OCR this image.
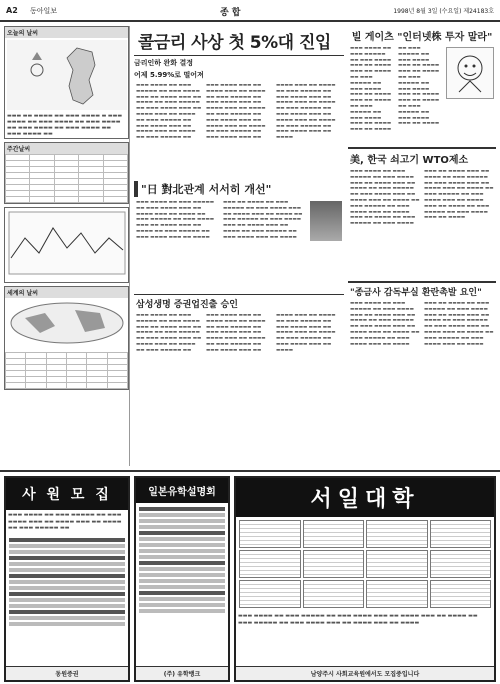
A2 동아일보	종합	1998년 8월 3일 (수요일) 제24183호
오늘의 날씨
▬▬▬ ▬▬ ▬▬▬▬ ▬▬ ▬▬▬ ▬▬▬▬ ▬ ▬▬▬ ▬▬▬▬ ▬▬ ▬▬▬ ▬▬▬▬ ▬▬ ▬▬▬ ▬▬▬▬ ▬▬ ▬▬▬ ▬▬▬▬ ▬▬ ▬▬▬ ▬▬▬▬ ▬▬ ▬▬▬ ▬▬▬▬ ▬▬
주간날씨

세계의 날씨

콜금리 사상 첫 5%대 진입
금리인하 완화 결정
어제 5.99%로 떨어져
▬▬▬ ▬▬▬▬ ▬▬ ▬▬▬ ▬▬▬▬▬ ▬▬ ▬▬▬ ▬▬▬▬ ▬▬▬ ▬▬ ▬▬▬▬ ▬▬▬ ▬▬ ▬▬▬▬ ▬▬ ▬▬▬ ▬▬▬▬▬ ▬▬ ▬▬▬ ▬▬▬▬ ▬▬▬ ▬▬ ▬▬▬▬ ▬▬▬ ▬▬ ▬▬▬▬ ▬▬ ▬▬▬ ▬▬▬▬▬ ▬▬ ▬▬▬ ▬▬▬▬ ▬▬▬ ▬▬ ▬▬▬▬ ▬▬▬ ▬▬ ▬▬▬▬ ▬▬ ▬▬▬ ▬▬▬▬▬ ▬▬ ▬▬▬ ▬▬▬▬ ▬▬▬ ▬▬ ▬▬▬▬ ▬▬▬ ▬▬ ▬▬▬▬ ▬▬ ▬▬▬ ▬▬▬▬▬ ▬▬ ▬▬▬ ▬▬▬▬ ▬▬▬ ▬▬ ▬▬▬▬ ▬▬▬ ▬▬ ▬▬▬▬ ▬▬ ▬▬▬ ▬▬▬▬▬ ▬▬ ▬▬▬ ▬▬▬▬ ▬▬▬ ▬▬ ▬▬▬▬ ▬▬▬ ▬▬ ▬▬▬▬ ▬▬ ▬▬▬ ▬▬▬▬▬ ▬▬ ▬▬▬ ▬▬▬▬ ▬▬▬ ▬▬ ▬▬▬▬ ▬▬▬ ▬▬ ▬▬▬▬ ▬▬ ▬▬▬ ▬▬▬▬▬ ▬▬ ▬▬▬ ▬▬▬▬ ▬▬▬ ▬▬ ▬▬▬▬ ▬▬▬ ▬▬ ▬▬▬▬ ▬▬ ▬▬▬ ▬▬▬▬▬ ▬▬ ▬▬▬ ▬▬▬▬ ▬▬▬ ▬▬ ▬▬▬▬ ▬▬▬ ▬▬ ▬▬▬▬ ▬▬ ▬▬▬ ▬▬▬▬▬ ▬▬ ▬▬▬ ▬▬▬▬ ▬▬▬ ▬▬ ▬▬▬▬
"日 對北관계 서서히 개선"
▬▬▬ ▬▬▬▬ ▬▬ ▬▬▬ ▬▬▬▬▬ ▬▬ ▬▬▬ ▬▬▬▬ ▬▬▬ ▬▬ ▬▬▬▬ ▬▬▬ ▬▬ ▬▬▬▬ ▬▬ ▬▬▬ ▬▬▬▬▬ ▬▬ ▬▬▬ ▬▬▬▬ ▬▬▬ ▬▬ ▬▬▬▬ ▬▬▬ ▬▬ ▬▬▬▬ ▬▬ ▬▬▬ ▬▬▬▬▬ ▬▬ ▬▬▬ ▬▬▬▬ ▬▬▬ ▬▬ ▬▬▬▬ ▬▬▬ ▬▬ ▬▬▬▬ ▬▬ ▬▬▬ ▬▬▬▬▬ ▬▬ ▬▬▬ ▬▬▬▬ ▬▬▬ ▬▬ ▬▬▬▬ ▬▬▬ ▬▬ ▬▬▬▬ ▬▬ ▬▬▬ ▬▬▬▬▬ ▬▬ ▬▬▬ ▬▬▬▬ ▬▬▬ ▬▬ ▬▬▬▬ ▬▬▬ ▬▬ ▬▬▬▬ ▬▬ ▬▬▬ ▬▬▬▬▬ ▬▬ ▬▬▬ ▬▬▬▬ ▬▬▬ ▬▬ ▬▬▬▬
삼성생명 증권업진출 승인
▬▬▬ ▬▬▬▬ ▬▬ ▬▬▬ ▬▬▬▬▬ ▬▬ ▬▬▬ ▬▬▬▬ ▬▬▬ ▬▬ ▬▬▬▬ ▬▬▬ ▬▬ ▬▬▬▬ ▬▬ ▬▬▬ ▬▬▬▬▬ ▬▬ ▬▬▬ ▬▬▬▬ ▬▬▬ ▬▬ ▬▬▬▬ ▬▬▬ ▬▬ ▬▬▬▬ ▬▬ ▬▬▬ ▬▬▬▬▬ ▬▬ ▬▬▬ ▬▬▬▬ ▬▬▬ ▬▬ ▬▬▬▬ ▬▬▬ ▬▬ ▬▬▬▬ ▬▬ ▬▬▬ ▬▬▬▬▬ ▬▬ ▬▬▬ ▬▬▬▬ ▬▬▬ ▬▬ ▬▬▬▬ ▬▬▬ ▬▬ ▬▬▬▬ ▬▬ ▬▬▬ ▬▬▬▬▬ ▬▬ ▬▬▬ ▬▬▬▬ ▬▬▬ ▬▬ ▬▬▬▬ ▬▬▬ ▬▬ ▬▬▬▬ ▬▬ ▬▬▬ ▬▬▬▬▬ ▬▬ ▬▬▬ ▬▬▬▬ ▬▬▬ ▬▬ ▬▬▬▬ ▬▬▬ ▬▬ ▬▬▬▬ ▬▬ ▬▬▬ ▬▬▬▬▬ ▬▬ ▬▬▬ ▬▬▬▬ ▬▬▬ ▬▬ ▬▬▬▬
빌 게이츠 "인터넷株 투자 말라"
▬▬▬ ▬▬▬▬ ▬▬ ▬▬▬ ▬▬▬▬▬ ▬▬ ▬▬▬ ▬▬▬▬ ▬▬▬ ▬▬ ▬▬▬▬ ▬▬▬ ▬▬ ▬▬▬▬ ▬▬ ▬▬▬ ▬▬▬▬▬ ▬▬ ▬▬▬ ▬▬▬▬ ▬▬▬ ▬▬ ▬▬▬▬ ▬▬▬ ▬▬ ▬▬▬▬ ▬▬ ▬▬▬ ▬▬▬▬▬ ▬▬ ▬▬▬ ▬▬▬▬ ▬▬▬ ▬▬ ▬▬▬▬ ▬▬▬ ▬▬ ▬▬▬▬ ▬▬ ▬▬▬ ▬▬▬▬▬ ▬▬ ▬▬▬ ▬▬▬▬ ▬▬▬ ▬▬ ▬▬▬▬ ▬▬▬ ▬▬ ▬▬▬▬ ▬▬ ▬▬▬ ▬▬▬▬▬ ▬▬ ▬▬▬ ▬▬▬▬ ▬▬▬ ▬▬ ▬▬▬▬ ▬▬▬ ▬▬ ▬▬▬▬ ▬▬ ▬▬▬ ▬▬▬▬▬ ▬▬ ▬▬▬ ▬▬▬▬ ▬▬▬ ▬▬ ▬▬▬▬
美, 한국 쇠고기 WTO제소
▬▬▬ ▬▬▬▬ ▬▬ ▬▬▬ ▬▬▬▬▬ ▬▬ ▬▬▬ ▬▬▬▬ ▬▬▬ ▬▬ ▬▬▬▬ ▬▬▬ ▬▬ ▬▬▬▬ ▬▬ ▬▬▬ ▬▬▬▬▬ ▬▬ ▬▬▬ ▬▬▬▬ ▬▬▬ ▬▬ ▬▬▬▬ ▬▬▬ ▬▬ ▬▬▬▬ ▬▬ ▬▬▬ ▬▬▬▬▬ ▬▬ ▬▬▬ ▬▬▬▬ ▬▬▬ ▬▬ ▬▬▬▬ ▬▬▬ ▬▬ ▬▬▬▬ ▬▬ ▬▬▬ ▬▬▬▬▬ ▬▬ ▬▬▬ ▬▬▬▬ ▬▬▬ ▬▬ ▬▬▬▬ ▬▬▬ ▬▬ ▬▬▬▬ ▬▬ ▬▬▬ ▬▬▬▬▬ ▬▬ ▬▬▬ ▬▬▬▬ ▬▬▬ ▬▬ ▬▬▬▬ ▬▬▬ ▬▬ ▬▬▬▬ ▬▬ ▬▬▬ ▬▬▬▬▬ ▬▬ ▬▬▬ ▬▬▬▬ ▬▬▬ ▬▬ ▬▬▬▬ ▬▬▬ ▬▬ ▬▬▬▬ ▬▬ ▬▬▬ ▬▬▬▬▬ ▬▬ ▬▬▬ ▬▬▬▬ ▬▬▬ ▬▬ ▬▬▬▬
"종금사 감독부실 환란촉발 요인"
▬▬▬ ▬▬▬▬ ▬▬ ▬▬▬ ▬▬▬▬▬ ▬▬ ▬▬▬ ▬▬▬▬ ▬▬▬ ▬▬ ▬▬▬▬ ▬▬▬ ▬▬ ▬▬▬▬ ▬▬ ▬▬▬ ▬▬▬▬▬ ▬▬ ▬▬▬ ▬▬▬▬ ▬▬▬ ▬▬ ▬▬▬▬ ▬▬▬ ▬▬ ▬▬▬▬ ▬▬ ▬▬▬ ▬▬▬▬▬ ▬▬ ▬▬▬ ▬▬▬▬ ▬▬▬ ▬▬ ▬▬▬▬ ▬▬▬ ▬▬ ▬▬▬▬ ▬▬ ▬▬▬ ▬▬▬▬▬ ▬▬ ▬▬▬ ▬▬▬▬ ▬▬▬ ▬▬ ▬▬▬▬ ▬▬▬ ▬▬ ▬▬▬▬ ▬▬ ▬▬▬ ▬▬▬▬▬ ▬▬ ▬▬▬ ▬▬▬▬ ▬▬▬ ▬▬ ▬▬▬▬ ▬▬▬ ▬▬ ▬▬▬▬ ▬▬ ▬▬▬ ▬▬▬▬▬ ▬▬ ▬▬▬ ▬▬▬▬ ▬▬▬ ▬▬ ▬▬▬▬
사 원 모 집
▬▬▬ ▬▬▬▬ ▬▬ ▬▬▬ ▬▬▬▬▬ ▬▬ ▬▬▬ ▬▬▬▬ ▬▬▬ ▬▬ ▬▬▬▬ ▬▬▬ ▬▬ ▬▬▬▬ ▬▬ ▬▬▬ ▬▬▬▬▬ ▬▬
동원증권
일본유학설명회
(주) 유학뱅크
서일대학
▬▬▬ ▬▬▬▬ ▬▬ ▬▬▬ ▬▬▬▬▬ ▬▬ ▬▬▬ ▬▬▬▬ ▬▬▬ ▬▬ ▬▬▬▬ ▬▬▬ ▬▬ ▬▬▬▬ ▬▬ ▬▬▬ ▬▬▬▬▬ ▬▬ ▬▬▬ ▬▬▬▬ ▬▬▬ ▬▬ ▬▬▬▬ ▬▬▬ ▬▬ ▬▬▬▬
남양주시 사회교육원에서도 모집중입니다
